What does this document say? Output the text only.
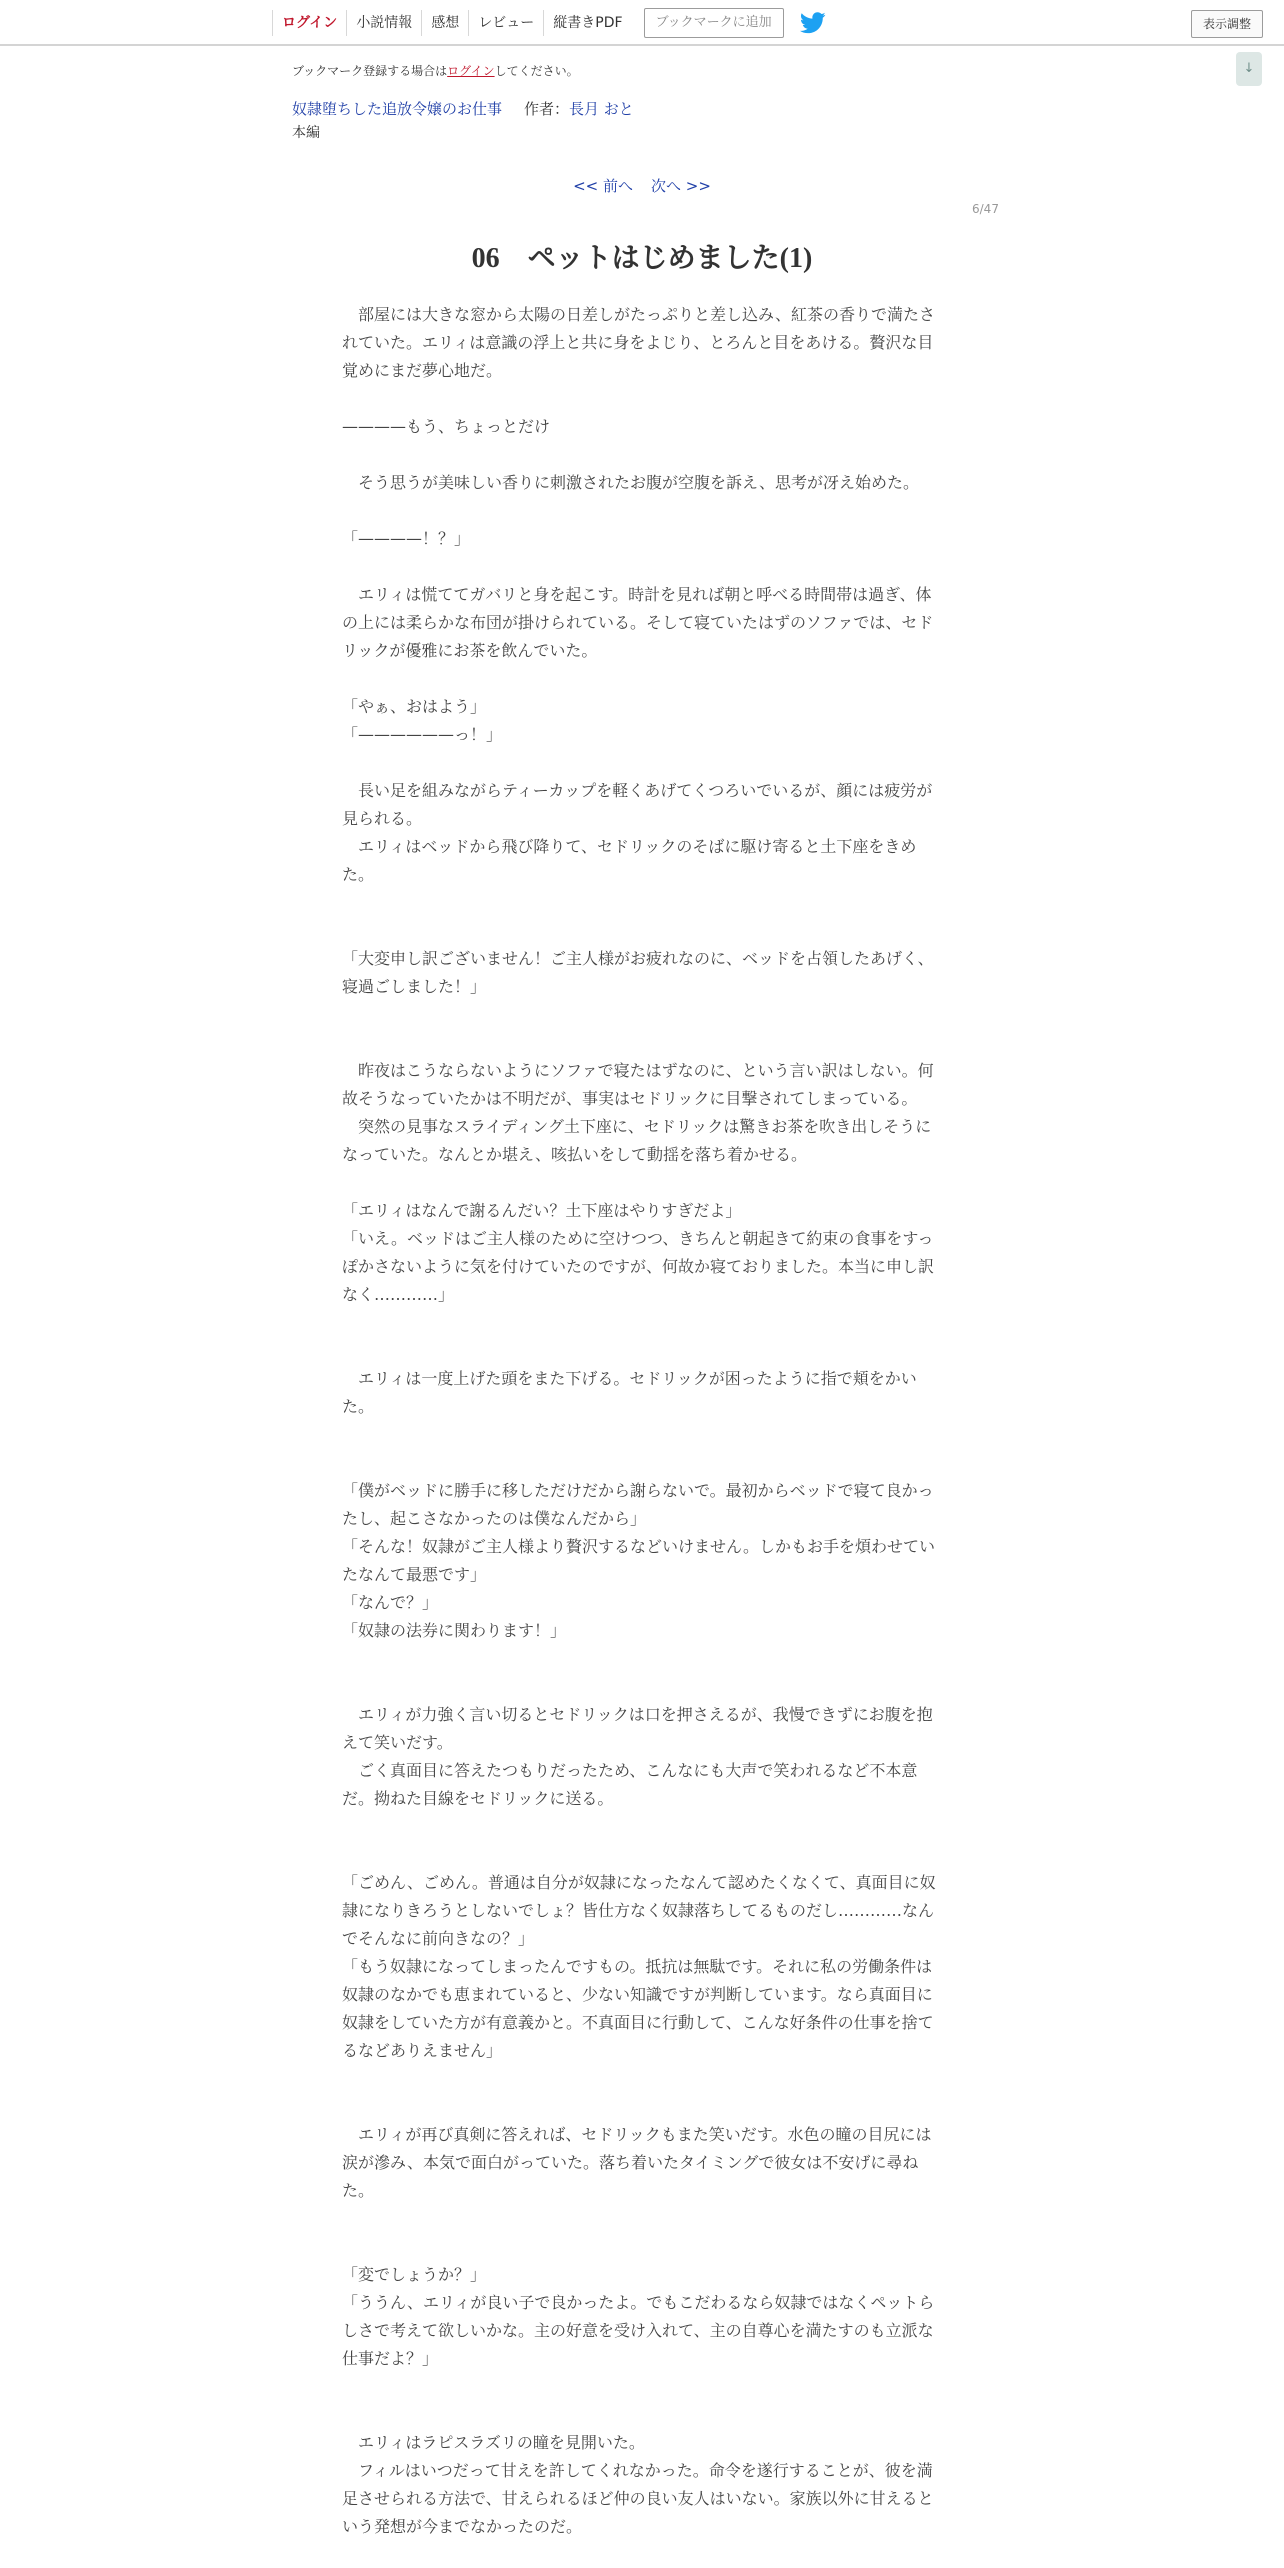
ログイン	小説情報	感想	レビュー	縦書きPDF	ブックマークに追加	表示調整
↓
ブックマーク登録する場合はログインしてください。
奴隷堕ちした追放令嬢のお仕事 作者：長月 おと
本編
<< 前へ 次へ >>
6/47
06　ペットはじめました(1)

　部屋には大きな窓から太陽の日差しがたっぷりと差し込み、紅茶の香りで満たされていた。エリィは意識の浮上と共に身をよじり、とろんと目をあける。贅沢な目覚めにまだ夢心地だ。

————もう、ちょっとだけ

　そう思うが美味しい香りに刺激されたお腹が空腹を訴え、思考が冴え始めた。

「————！？」

　エリィは慌ててガバリと身を起こす。時計を見れば朝と呼べる時間帯は過ぎ、体の上には柔らかな布団が掛けられている。そして寝ていたはずのソファでは、セドリックが優雅にお茶を飲んでいた。

「やぁ、おはよう」

「——————っ！」

　長い足を組みながらティーカップを軽くあげてくつろいでいるが、顔には疲労が見られる。

　エリィはベッドから飛び降りて、セドリックのそばに駆け寄ると土下座をきめた。

「大変申し訳ございません！ご主人様がお疲れなのに、ベッドを占領したあげく、寝過ごしました！」

　昨夜はこうならないようにソファで寝たはずなのに、という言い訳はしない。何故そうなっていたかは不明だが、事実はセドリックに目撃されてしまっている。

　突然の見事なスライディング土下座に、セドリックは驚きお茶を吹き出しそうになっていた。なんとか堪え、咳払いをして動揺を落ち着かせる。

「エリィはなんで謝るんだい？土下座はやりすぎだよ」

「いえ。ベッドはご主人様のために空けつつ、きちんと朝起きて約束の食事をすっぽかさないように気を付けていたのですが、何故か寝ておりました。本当に申し訳なく…………」

　エリィは一度上げた頭をまた下げる。セドリックが困ったように指で頬をかいた。

「僕がベッドに勝手に移しただけだから謝らないで。最初からベッドで寝て良かったし、起こさなかったのは僕なんだから」

「そんな！奴隷がご主人様より贅沢するなどいけません。しかもお手を煩わせていたなんて最悪です」

「なんで？」

「奴隷の法券に関わります！」

　エリィが力強く言い切るとセドリックは口を押さえるが、我慢できずにお腹を抱えて笑いだす。

　ごく真面目に答えたつもりだったため、こんなにも大声で笑われるなど不本意だ。拗ねた目線をセドリックに送る。

「ごめん、ごめん。普通は自分が奴隷になったなんて認めたくなくて、真面目に奴隷になりきろうとしないでしょ？皆仕方なく奴隷落ちしてるものだし…………なんでそんなに前向きなの？」

「もう奴隷になってしまったんですもの。抵抗は無駄です。それに私の労働条件は奴隷のなかでも恵まれていると、少ない知識ですが判断しています。なら真面目に奴隷をしていた方が有意義かと。不真面目に行動して、こんな好条件の仕事を捨てるなどありえません」

　エリィが再び真剣に答えれば、セドリックもまた笑いだす。水色の瞳の目尻には涙が滲み、本気で面白がっていた。落ち着いたタイミングで彼女は不安げに尋ねた。

「変でしょうか？」

「ううん、エリィが良い子で良かったよ。でもこだわるなら奴隷ではなくペットらしさで考えて欲しいかな。主の好意を受け入れて、主の自尊心を満たすのも立派な仕事だよ？」

　エリィはラピスラズリの瞳を見開いた。

　フィルはいつだって甘えを許してくれなかった。命令を遂行することが、彼を満足させられる方法で、甘えられるほど仲の良い友人はいない。家族以外に甘えるという発想が今までなかったのだ。
